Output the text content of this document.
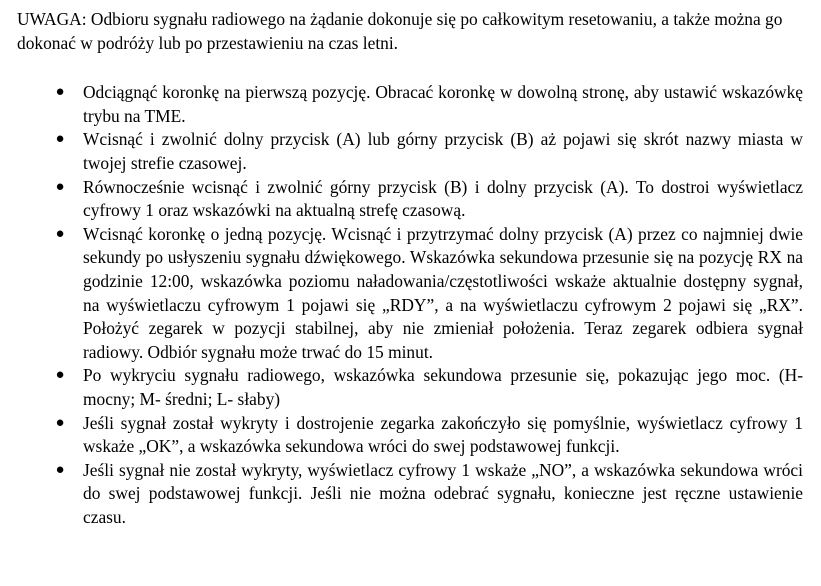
UWAGA: Odbioru sygnału radiowego na żądanie dokonuje się po całkowitym resetowaniu, a także można go dokonać w podróży lub po przestawieniu na czas letni.

● Odciągnąć koronkę na pierwszą pozycję. Obracać koronkę w dowolną stronę, aby ustawić wskazówkę trybu na TME.
● Wcisnąć i zwolnić dolny przycisk (A) lub górny przycisk (B) aż pojawi się skrót nazwy miasta w twojej strefie czasowej.
● Równocześnie wcisnąć i zwolnić górny przycisk (B) i dolny przycisk (A). To dostroi wyświetlacz cyfrowy 1 oraz wskazówki na aktualną strefę czasową.
● Wcisnąć koronkę o jedną pozycję. Wcisnąć i przytrzymać dolny przycisk (A) przez co najmniej dwie sekundy po usłyszeniu sygnału dźwiękowego. Wskazówka sekundowa przesunie się na pozycję RX na godzinie 12:00, wskazówka poziomu naładowania/częstotliwości wskaże aktualnie dostępny sygnał, na wyświetlaczu cyfrowym 1 pojawi się „RDY”, a na wyświetlaczu cyfrowym 2 pojawi się „RX”. Położyć zegarek w pozycji stabilnej, aby nie zmieniał położenia. Teraz zegarek odbiera sygnał radiowy. Odbiór sygnału może trwać do 15 minut.
● Po wykryciu sygnału radiowego, wskazówka sekundowa przesunie się, pokazując jego moc. (H- mocny; M- średni; L- słaby)
● Jeśli sygnał został wykryty i dostrojenie zegarka zakończyło się pomyślnie, wyświetlacz cyfrowy 1 wskaże „OK”, a wskazówka sekundowa wróci do swej podstawowej funkcji.
● Jeśli sygnał nie został wykryty, wyświetlacz cyfrowy 1 wskaże „NO”, a wskazówka sekundowa wróci do swej podstawowej funkcji. Jeśli nie można odebrać sygnału, konieczne jest ręczne ustawienie czasu.
